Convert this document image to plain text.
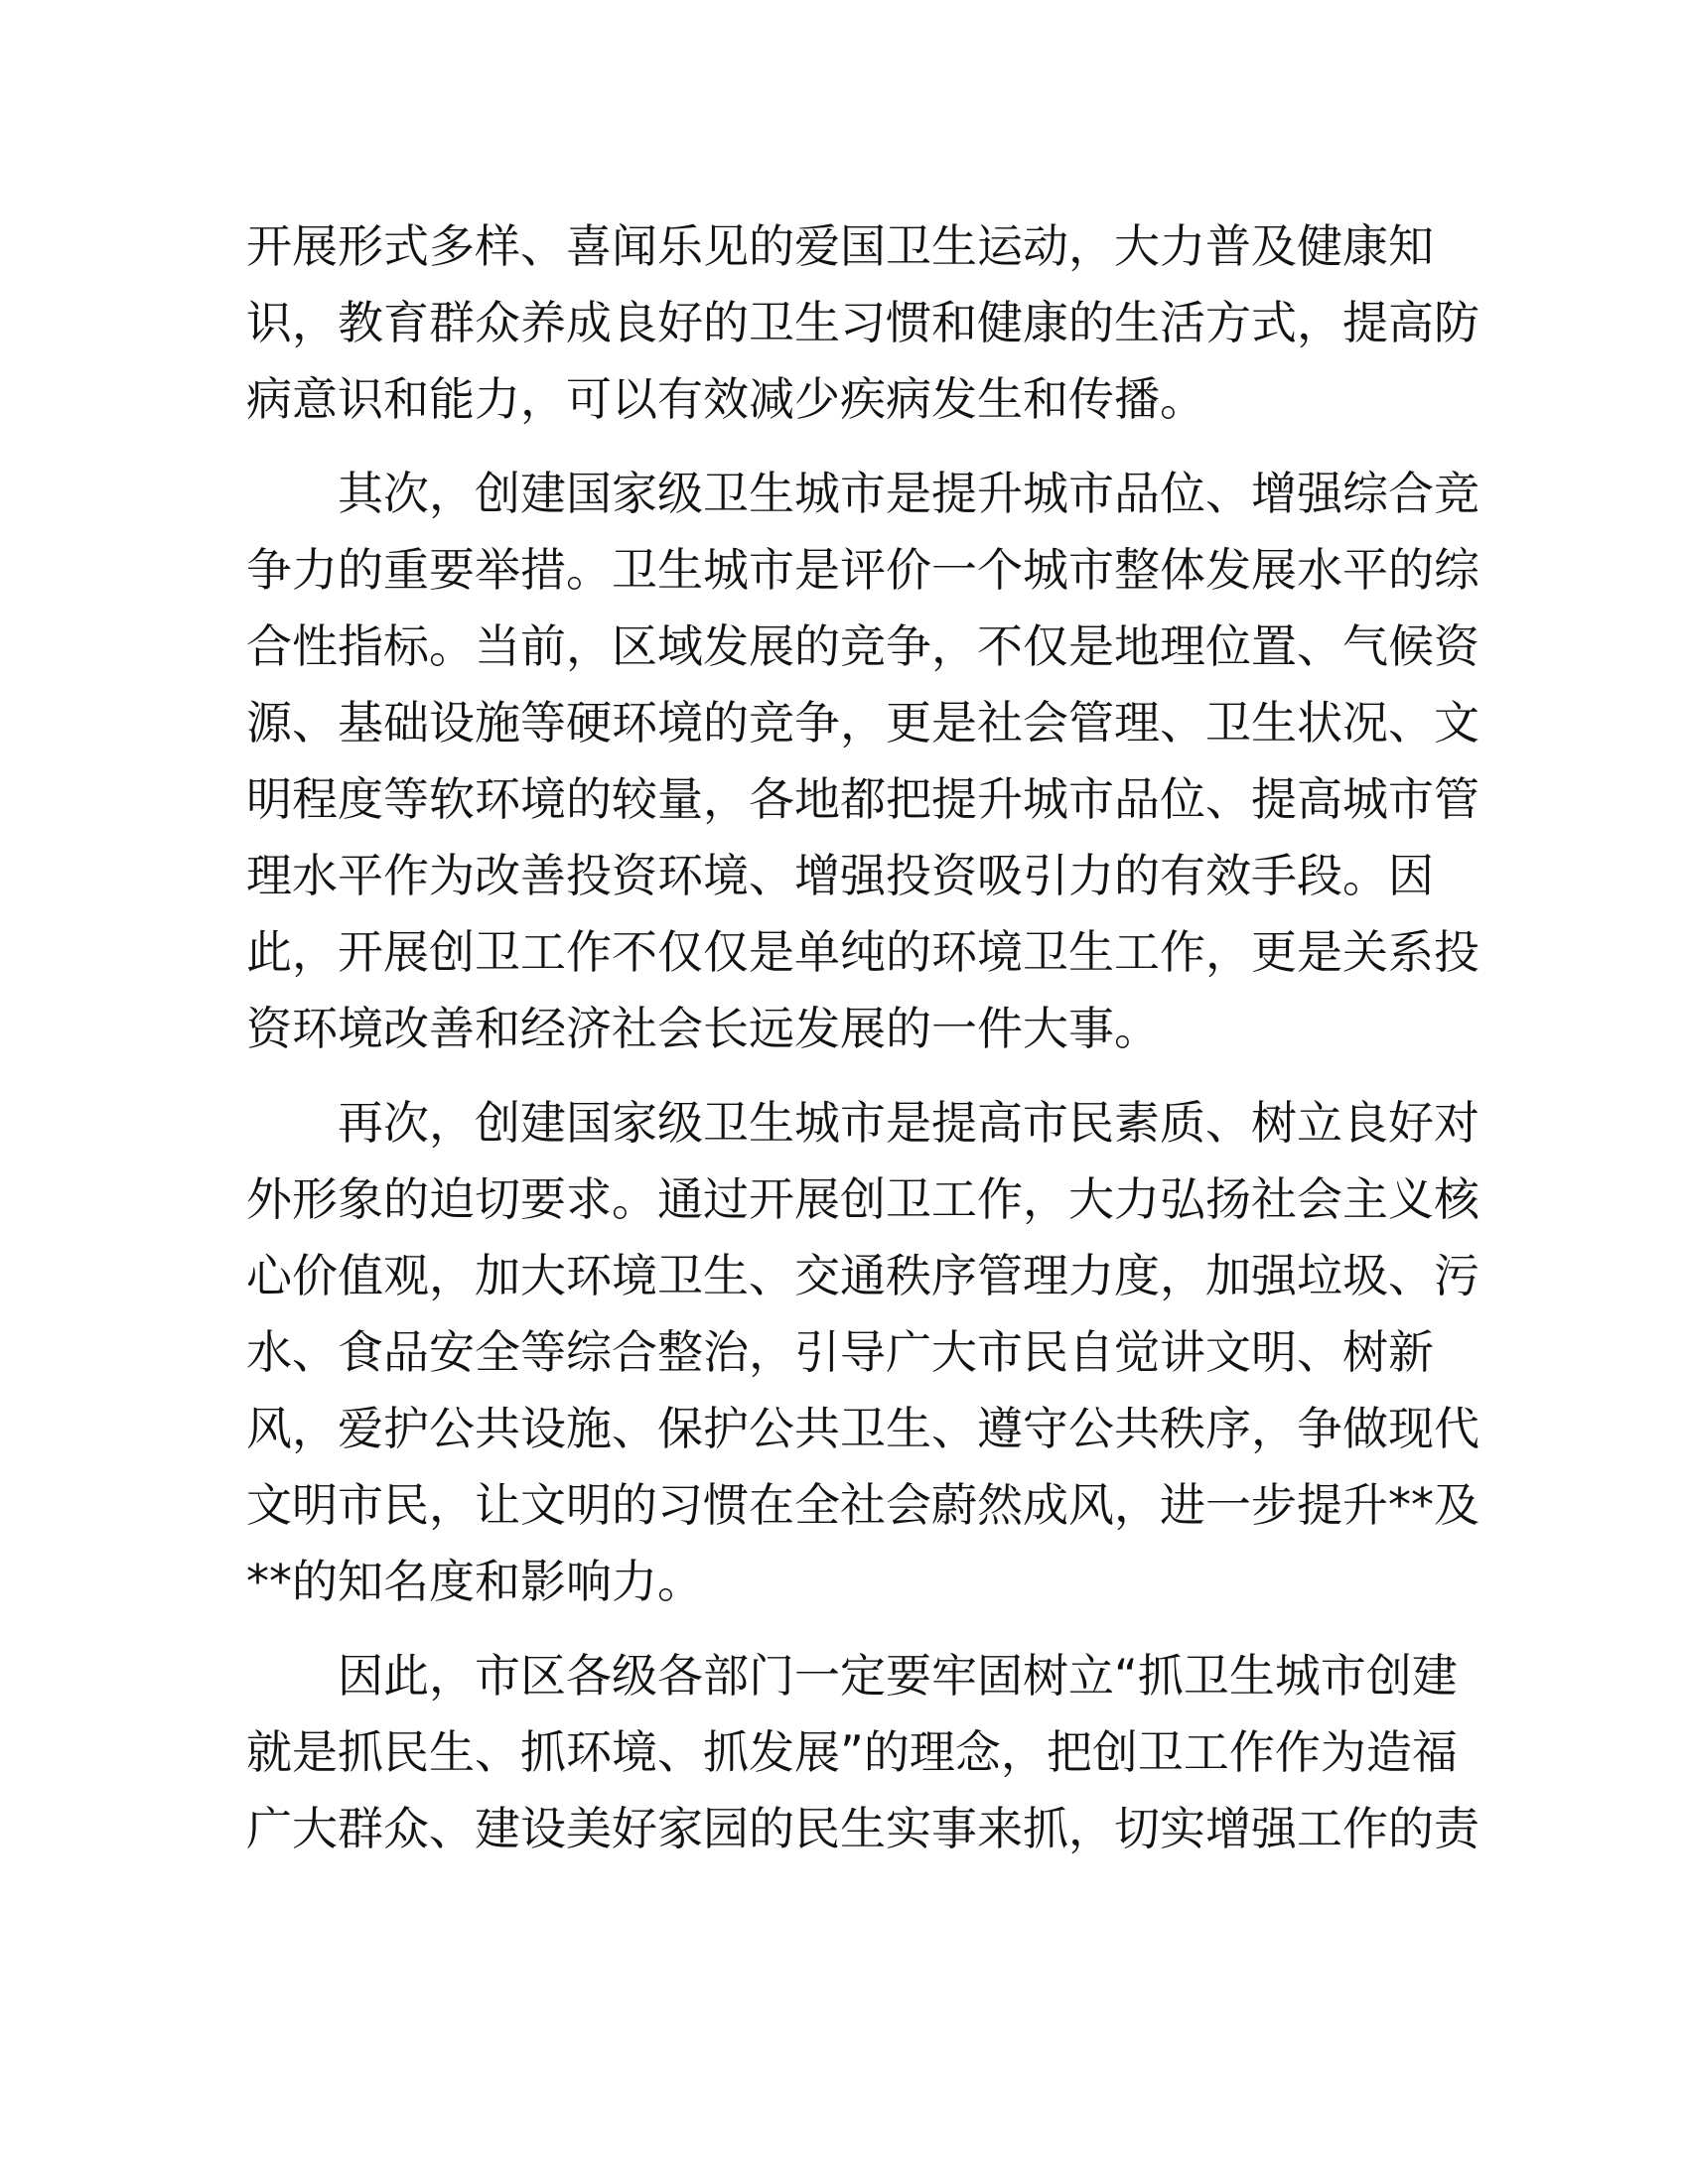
开展形式多样、喜闻乐见的爱国卫生运动，大力普及健康知
识，教育群众养成良好的卫生习惯和健康的生活方式，提高防
病意识和能力，可以有效减少疾病发生和传播。
其次，创建国家级卫生城市是提升城市品位、增强综合竞
争力的重要举措。卫生城市是评价一个城市整体发展水平的综
合性指标。当前，区域发展的竞争，不仅是地理位置、气候资
源、基础设施等硬环境的竞争，更是社会管理、卫生状况、文
明程度等软环境的较量，各地都把提升城市品位、提高城市管
理水平作为改善投资环境、增强投资吸引力的有效手段。因
此，开展创卫工作不仅仅是单纯的环境卫生工作，更是关系投
资环境改善和经济社会长远发展的一件大事。
再次，创建国家级卫生城市是提高市民素质、树立良好对
外形象的迫切要求。通过开展创卫工作，大力弘扬社会主义核
心价值观，加大环境卫生、交通秩序管理力度，加强垃圾、污
水、食品安全等综合整治，引导广大市民自觉讲文明、树新
风，爱护公共设施、保护公共卫生、遵守公共秩序，争做现代
文明市民，让文明的习惯在全社会蔚然成风，进一步提升**及
**的知名度和影响力。
因此，市区各级各部门一定要牢固树立“抓卫生城市创建
就是抓民生、抓环境、抓发展”的理念，把创卫工作作为造福
广大群众、建设美好家园的民生实事来抓，切实增强工作的责
